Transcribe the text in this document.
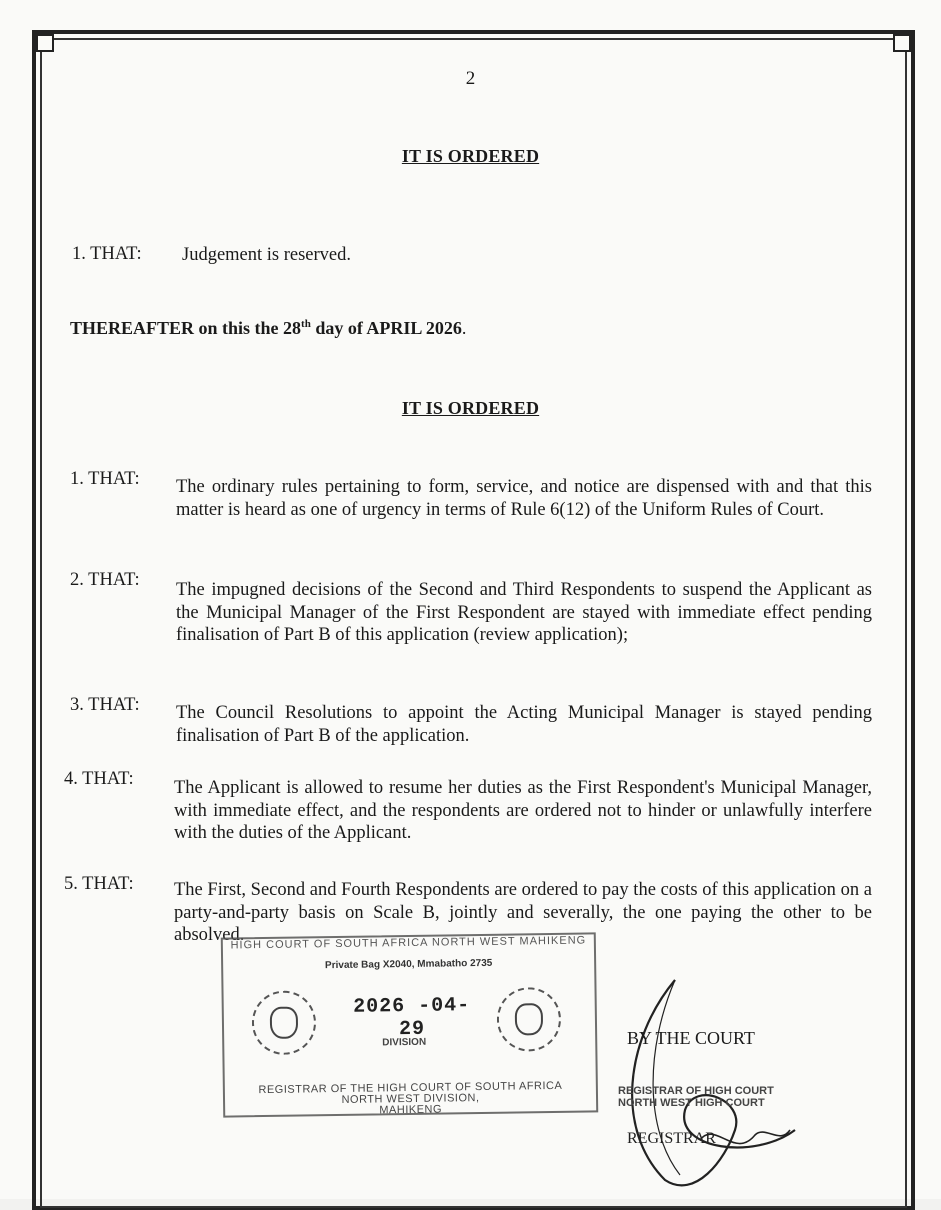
2
IT IS ORDERED
1. THAT: Judgement is reserved.
THEREAFTER on this the 28th day of APRIL 2026.
IT IS ORDERED
1. THAT: The ordinary rules pertaining to form, service, and notice are dispensed with and that this matter is heard as one of urgency in terms of Rule 6(12) of the Uniform Rules of Court.
2. THAT: The impugned decisions of the Second and Third Respondents to suspend the Applicant as the Municipal Manager of the First Respondent are stayed with immediate effect pending finalisation of Part B of this application (review application);
3. THAT: The Council Resolutions to appoint the Acting Municipal Manager is stayed pending finalisation of Part B of the application.
4. THAT: The Applicant is allowed to resume her duties as the First Respondent's Municipal Manager, with immediate effect, and the respondents are ordered not to hinder or unlawfully interfere with the duties of the Applicant.
5. THAT: The First, Second and Fourth Respondents are ordered to pay the costs of this application on a party-and-party basis on Scale B, jointly and severally, the one paying the other to be absolved.
HIGH COURT OF SOUTH AFRICA NORTH WEST MAHIKENG
Private Bag X2040, Mmabatho 2735
2026 -04- 29
DIVISION
REGISTRAR OF THE HIGH COURT OF SOUTH AFRICA
NORTH WEST DIVISION,
MAHIKENG
BY THE COURT
REGISTRAR OF HIGH COURT
NORTH WEST HIGH COURT
REGISTRAR
